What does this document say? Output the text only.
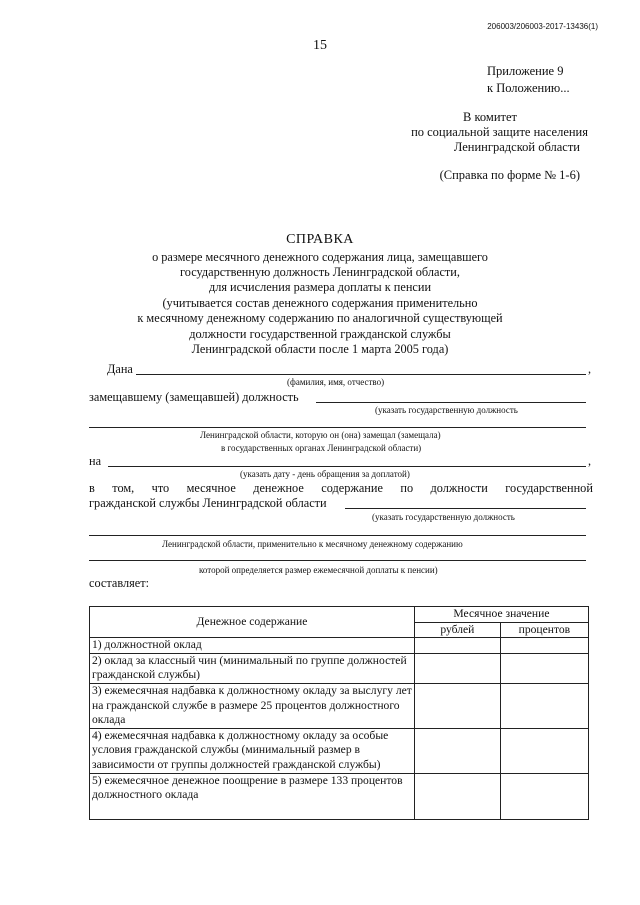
206003/206003-2017-13436(1)
15
Приложение 9
к Положению...
В комитет
по социальной защите населения
Ленинградской области
(Справка по форме № 1-6)
СПРАВКА
о размере месячного денежного содержания лица, замещавшего
государственную должность Ленинградской области,
для исчисления размера доплаты к пенсии
(учитывается состав денежного содержания применительно
к месячному денежному содержанию по аналогичной существующей
должности государственной гражданской службы
Ленинградской области после 1 марта 2005 года)
Дана	,
(фамилия, имя, отчество)
замещавшему (замещавшей) должность
(указать государственную должность
Ленинградской области, которую он (она) замещал (замещала)
в государственных органах Ленинградской области)
на	,
(указать дату - день обращения за доплатой)
в том, что месячное денежное содержание по должности государственной
гражданской службы Ленинградской области
(указать государственную должность
Ленинградской области, применительно к месячному денежному содержанию
которой определяется размер ежемесячной доплаты к пенсии)
составляет:
Денежное содержание	Месячное значение	
	рублей	процентов
1) должностной оклад		
2) оклад за классный чин (минимальный по группе должностей гражданской службы)		
3) ежемесячная надбавка к должностному окладу за выслугу лет на гражданской службе в размере 25 процентов должностного оклада		
4) ежемесячная надбавка к должностному окладу за особые условия гражданской службы (минимальный размер в зависимости от группы должностей гражданской службы)		
5) ежемесячное денежное поощрение в размере 133 процентов должностного оклада		
